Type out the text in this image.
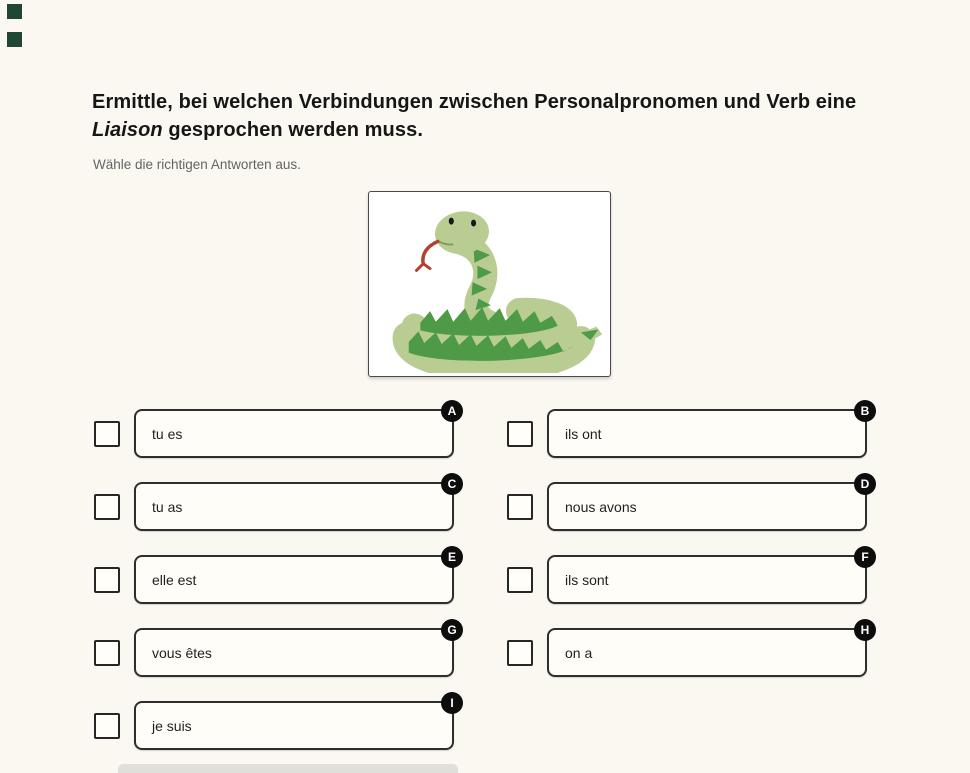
Ermittle, bei welchen Verbindungen zwischen Personalpronomen und Verb eine Liaison gesprochen werden muss.
Wähle die richtigen Antworten aus.
tu es
A
ils ont
B
tu as
C
nous avons
D
elle est
E
ils sont
F
vous êtes
G
on a
H
je suis
I
